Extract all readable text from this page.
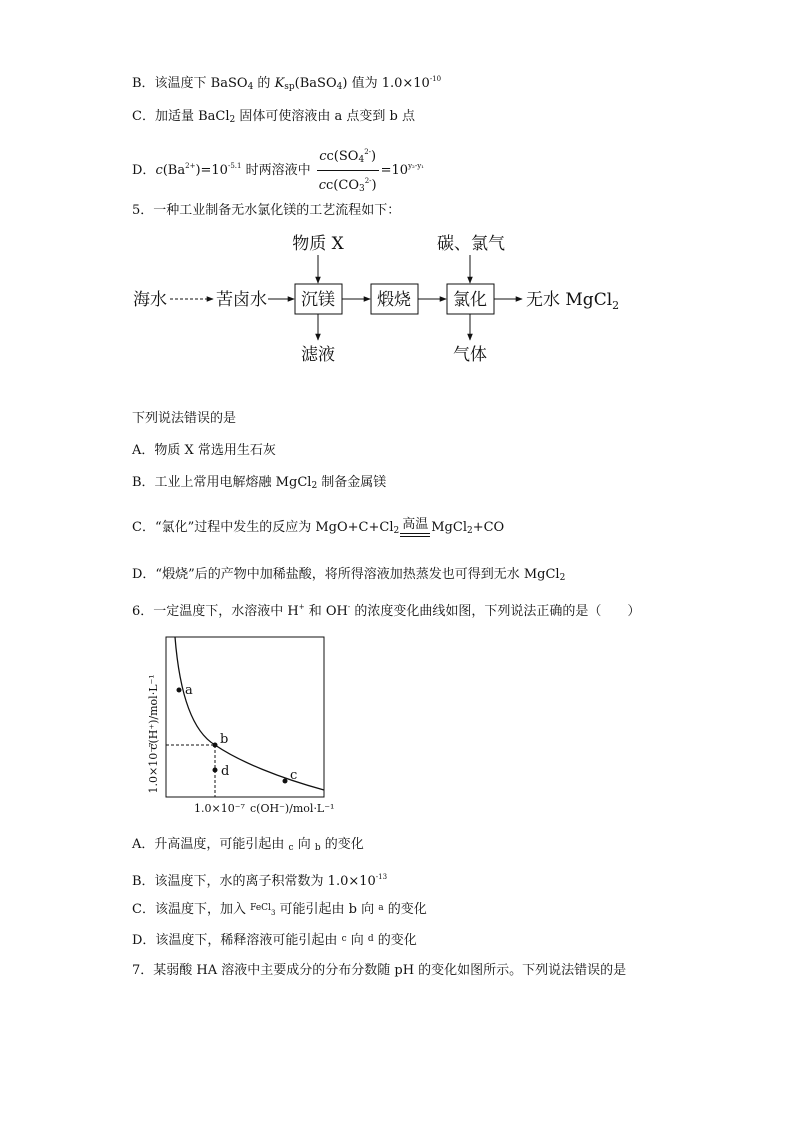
B．该温度下 BaSO4 的 Ksp(BaSO4) 值为 $1.0\times 10^{-10}$
C．加适量 BaCl2 固体可使溶液由 a 点变到 b 点
D．$c(Ba^{2+})=10^{-5.1}$ 时两溶液中 $\frac{cc(SO4^{2-})}{cc(CO3^{2-})} =10^{y_2-y_1}$
5．一种工业制备无水氯化镁的工艺流程如下：
海水	苦卤水 沉镁 煅烧 氯化 无水 MgCl$_2$
物质 X	碳、氯气
滤液	气体
下列说法错误的是
A．物质 X 常选用生石灰
B．工业上常用电解熔融 MgCl2 制备金属镁
C．“氯化”过程中发生的反应为 MgO+C+Cl2 高温 MgCl2+CO
D．“煅烧”后的产物中加稀盐酸，将所得溶液加热蒸发也可得到无水 MgCl2
6．一定温度下，水溶液中 H+ 和 OH- 的浓度变化曲线如图，下列说法正确的是（　　）
a
b
d	c
c(H⁺)/mol·L⁻¹
1.0×10⁻⁷
1.0×10⁻⁷ c(OH⁻)/mol·L⁻¹
A．升高温度，可能引起由 c 向 b 的变化
B．该温度下，水的离子积常数为 $1.0\times 10^{-13}$
C．该温度下，加入 $^{FeCl}$3 可能引起由 b 向 $^a$ 的变化
D．该温度下，稀释溶液可能引起由 $^c$ 向 $^d$ 的变化
7．某弱酸 HA 溶液中主要成分的分布分数随 pH 的变化如图所示。下列说法错误的是
